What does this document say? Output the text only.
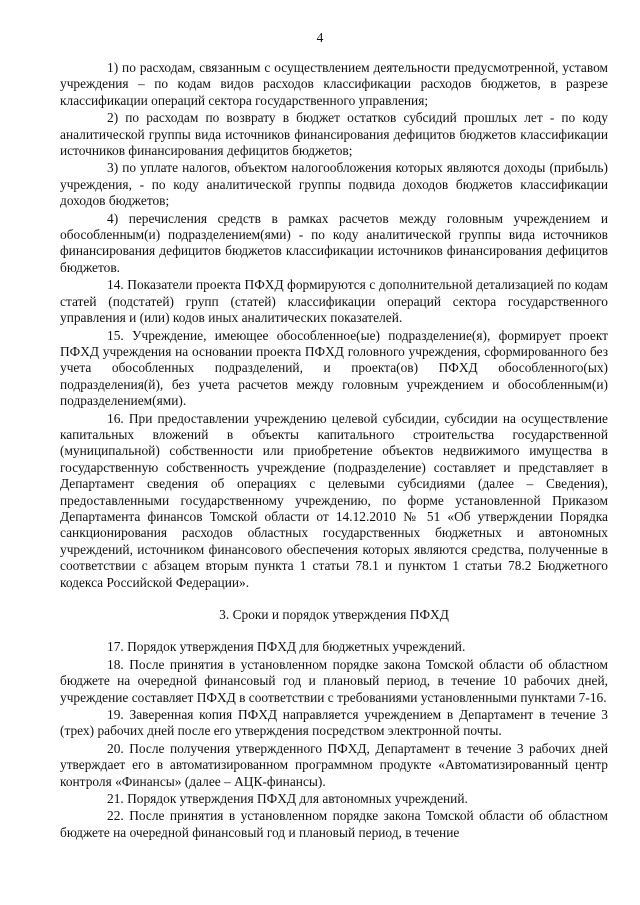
4

1) по расходам, связанным с осуществлением деятельности предусмотренной, уставом учреждения – по кодам видов расходов классификации расходов бюджетов, в разрезе классификации операций сектора государственного управления;

2) по расходам по возврату в бюджет остатков субсидий прошлых лет - по коду аналитической группы вида источников финансирования дефицитов бюджетов классификации источников финансирования дефицитов бюджетов;

3) по уплате налогов, объектом налогообложения которых являются доходы (прибыль) учреждения, - по коду аналитической группы подвида доходов бюджетов классификации доходов бюджетов;

4) перечисления средств в рамках расчетов между головным учреждением и обособленным(и) подразделением(ями) - по коду аналитической группы вида источников финансирования дефицитов бюджетов классификации источников финансирования дефицитов бюджетов.

14. Показатели проекта ПФХД формируются с дополнительной детализацией по кодам статей (подстатей) групп (статей) классификации операций сектора государственного управления и (или) кодов иных аналитических показателей.

15. Учреждение, имеющее обособленное(ые) подразделение(я), формирует проект ПФХД учреждения на основании проекта ПФХД головного учреждения, сформированного без учета обособленных подразделений, и проекта(ов) ПФХД обособленного(ых) подразделения(й), без учета расчетов между головным учреждением и обособленным(и) подразделением(ями).

16. При предоставлении учреждению целевой субсидии, субсидии на осуществление капитальных вложений в объекты капитального строительства государственной (муниципальной) собственности или приобретение объектов недвижимого имущества в государственную собственность учреждение (подразделение) составляет и представляет в Департамент сведения об операциях с целевыми субсидиями (далее – Сведения), предоставленными государственному учреждению, по форме установленной Приказом Департамента финансов Томской области от 14.12.2010 № 51 «Об утверждении Порядка санкционирования расходов областных государственных бюджетных и автономных учреждений, источником финансового обеспечения которых являются средства, полученные в соответствии с абзацем вторым пункта 1 статьи 78.1 и пунктом 1 статьи 78.2 Бюджетного кодекса Российской Федерации».

3. Сроки и порядок утверждения ПФХД

17. Порядок утверждения ПФХД для бюджетных учреждений.

18. После принятия в установленном порядке закона Томской области об областном бюджете на очередной финансовый год и плановый период, в течение 10 рабочих дней, учреждение составляет ПФХД в соответствии с требованиями установленными пунктами 7-16.

19. Заверенная копия ПФХД направляется учреждением в Департамент в течение 3 (трех) рабочих дней после его утверждения посредством электронной почты.

20. После получения утвержденного ПФХД, Департамент в течение 3 рабочих дней утверждает его в автоматизированном программном продукте «Автоматизированный центр контроля «Финансы» (далее – АЦК-финансы).

21. Порядок утверждения ПФХД для автономных учреждений.

22. После принятия в установленном порядке закона Томской области об областном бюджете на очередной финансовый год и плановый период, в течение
